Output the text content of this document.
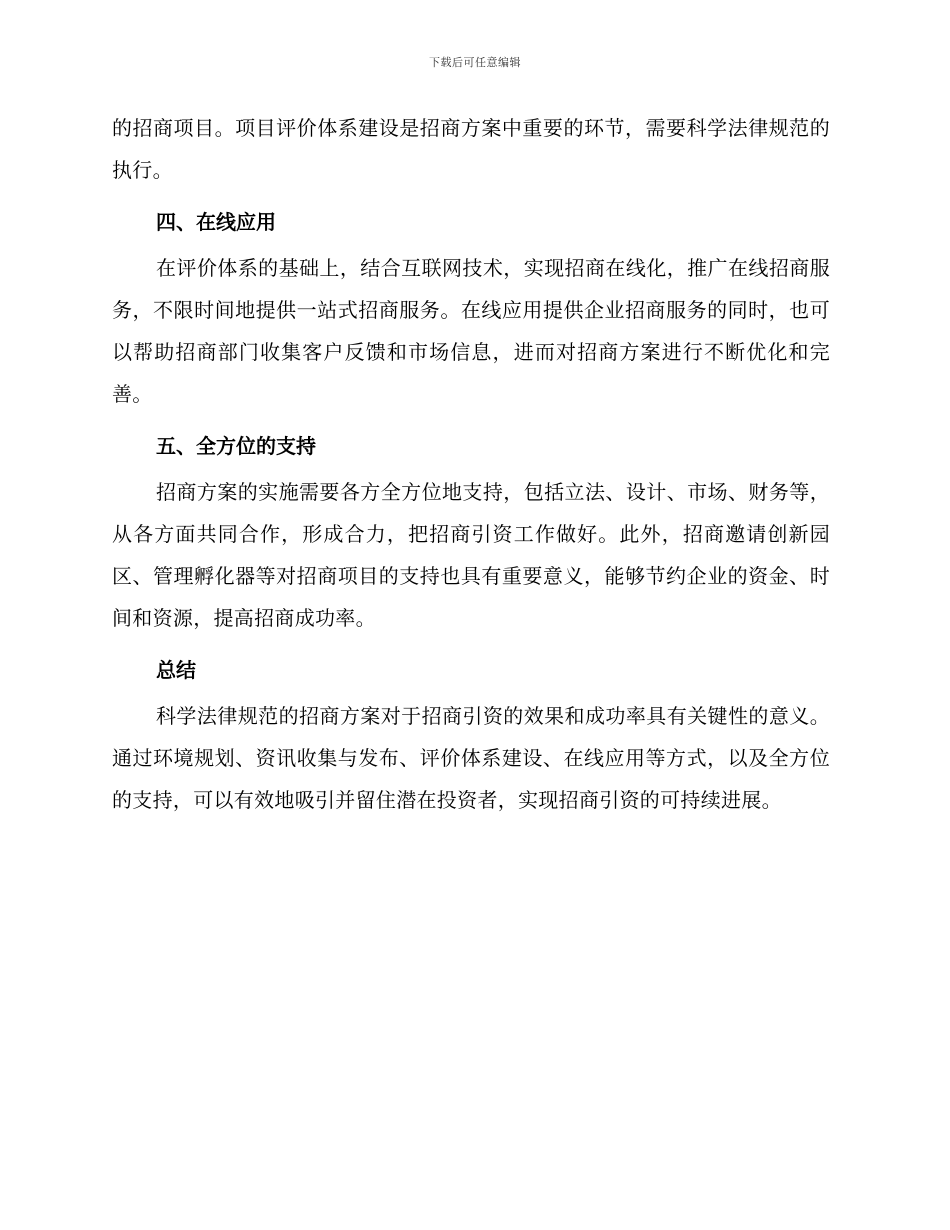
下载后可任意编辑

的招商项目。项目评价体系建设是招商方案中重要的环节，需要科学法律规范的执行。

四、在线应用

在评价体系的基础上，结合互联网技术，实现招商在线化，推广在线招商服务，不限时间地提供一站式招商服务。在线应用提供企业招商服务的同时，也可以帮助招商部门收集客户反馈和市场信息，进而对招商方案进行不断优化和完善。

五、全方位的支持

招商方案的实施需要各方全方位地支持，包括立法、设计、市场、财务等，从各方面共同合作，形成合力，把招商引资工作做好。此外，招商邀请创新园区、管理孵化器等对招商项目的支持也具有重要意义，能够节约企业的资金、时间和资源，提高招商成功率。

总结

科学法律规范的招商方案对于招商引资的效果和成功率具有关键性的意义。通过环境规划、资讯收集与发布、评价体系建设、在线应用等方式，以及全方位的支持，可以有效地吸引并留住潜在投资者，实现招商引资的可持续进展。
